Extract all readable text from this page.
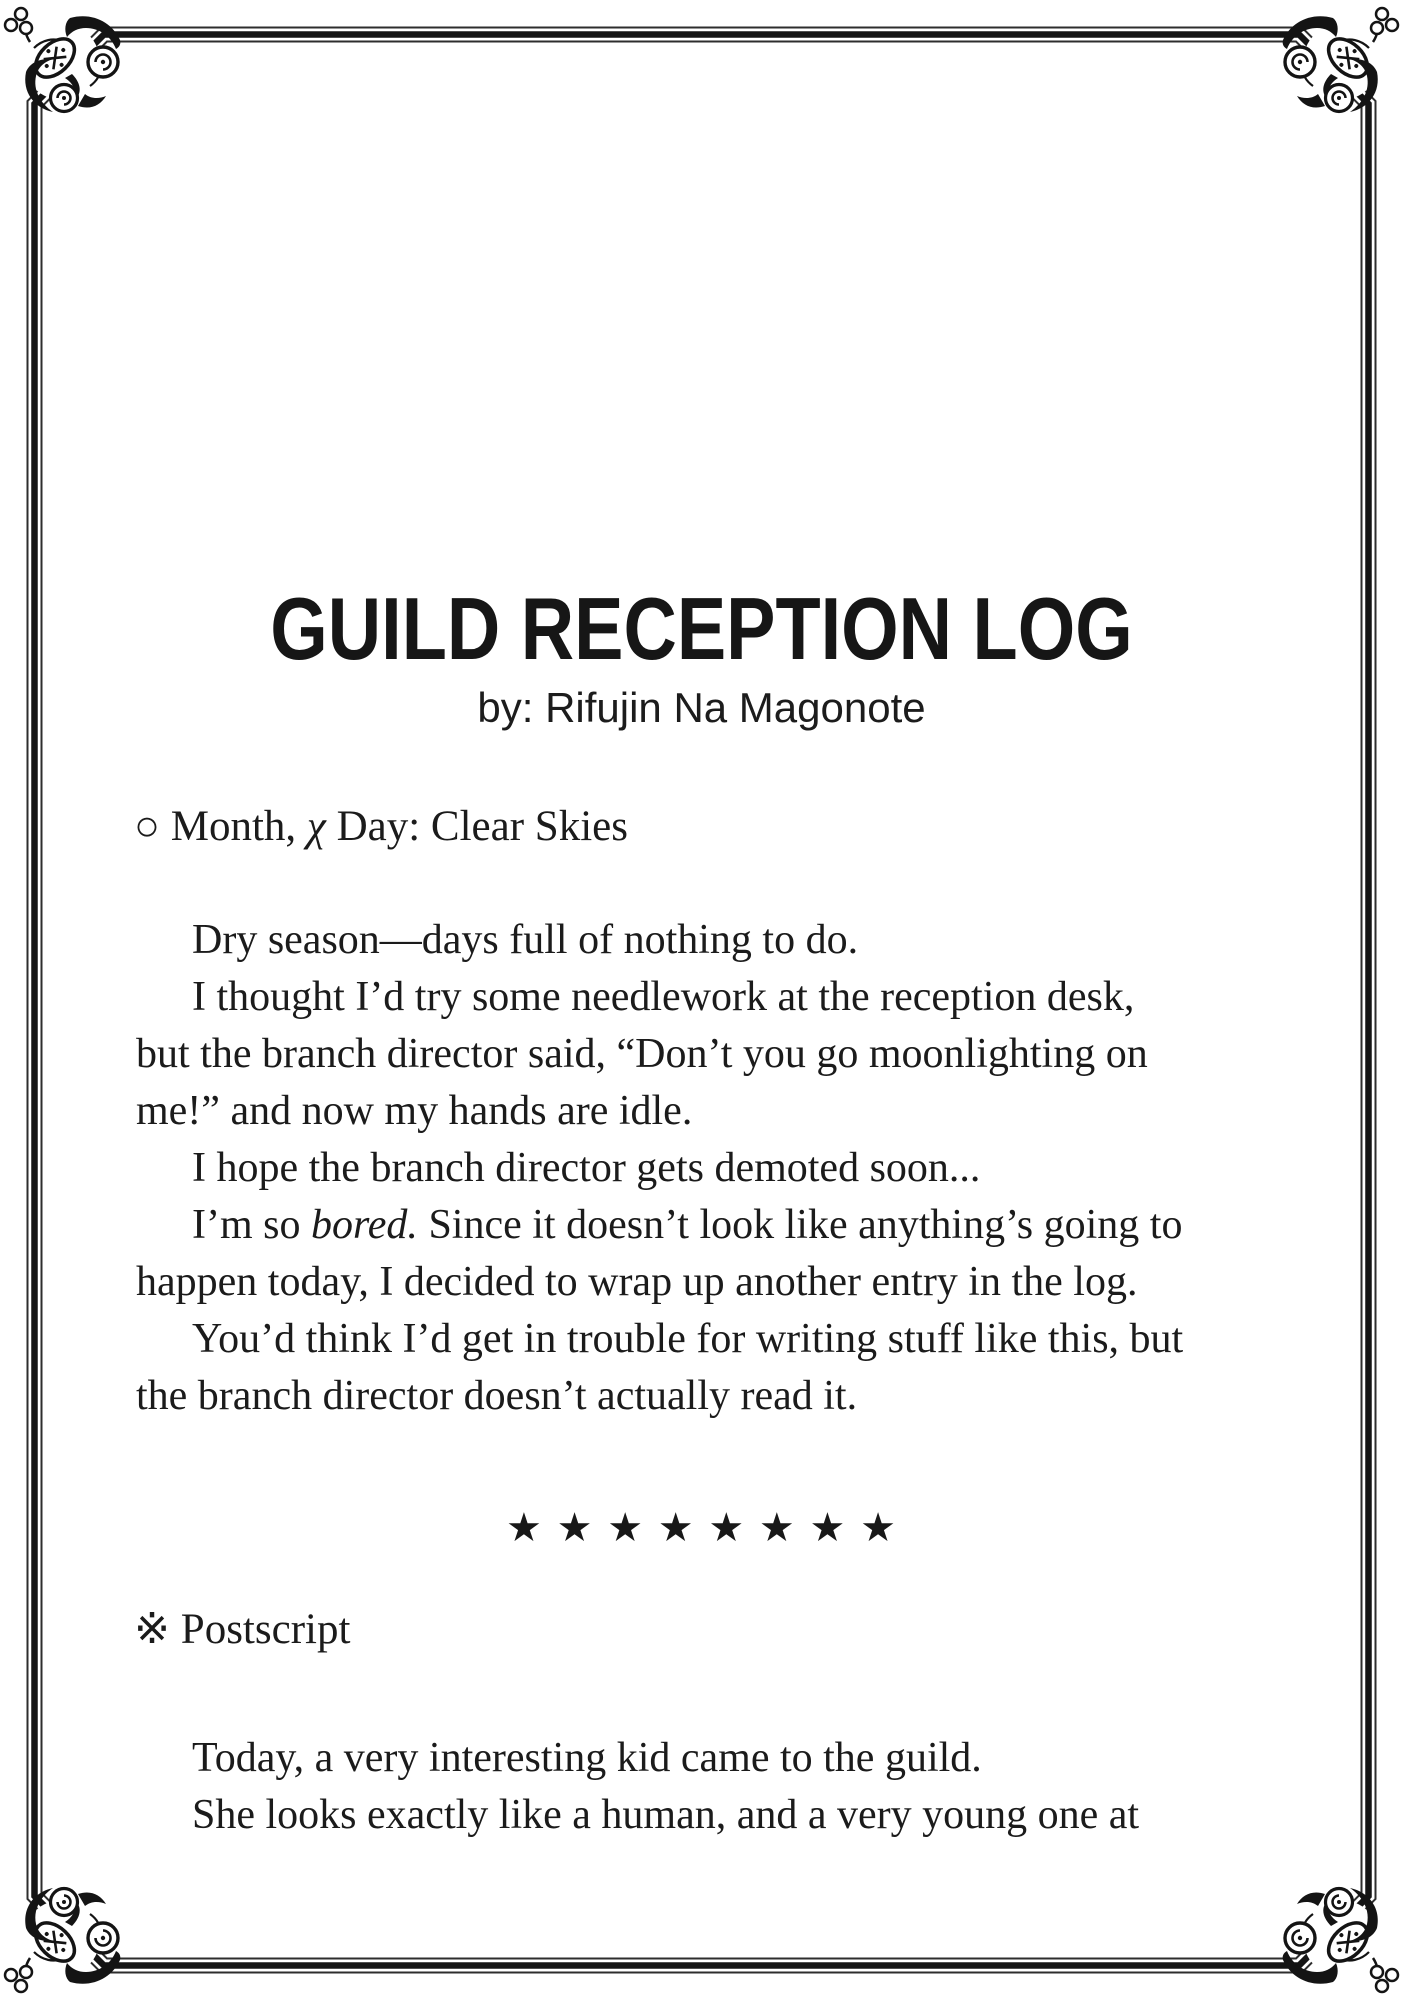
GUILD RECEPTION LOG
by: Rifujin Na Magonote
○ Month, χ Day: Clear Skies

Dry season—days full of nothing to do.

I thought I’d try some needlework at the reception desk,

but the branch director said, “Don’t you go moonlighting on

me!” and now my hands are idle.

I hope the branch director gets demoted soon...

I’m so bored. Since it doesn’t look like anything’s going to

happen today, I decided to wrap up another entry in the log.

You’d think I’d get in trouble for writing stuff like this, but

the branch director doesn’t actually read it.

★ ★ ★ ★ ★ ★ ★ ★
※ Postscript

Today, a very interesting kid came to the guild.

She looks exactly like a human, and a very young one at
